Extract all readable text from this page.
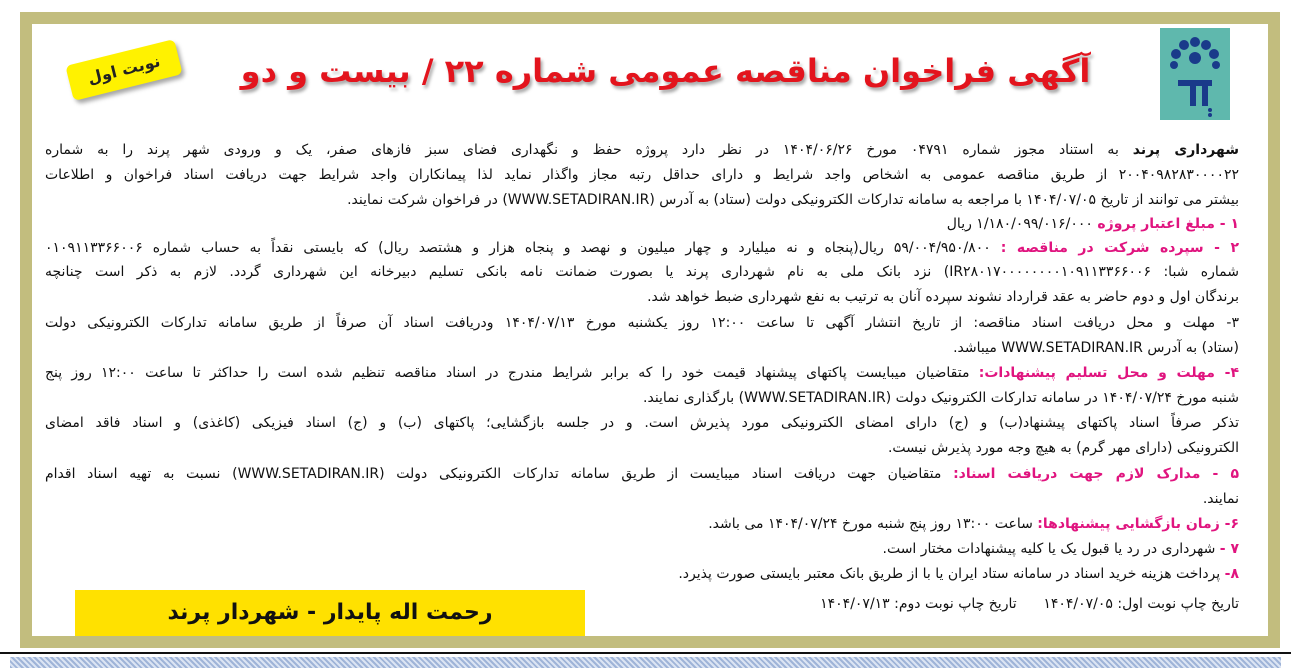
آگهی فراخوان مناقصه عمومی شماره ۲۲ / بیست و دو
نوبت اول
شهرداری پرند به استناد مجوز شماره ۰۴۷۹۱ مورخ ۱۴۰۴/۰۶/۲۶ در نظر دارد پروژه حفظ و نگهداری فضای سبز فازهای صفر، یک و ورودی شهر پرند را به شماره
۲۰۰۴۰۹۸۲۸۳۰۰۰۰۲۲ از طریق مناقصه عمومی به اشخاص واجد شرایط و دارای حداقل رتبه مجاز واگذار نماید لذا پیمانکاران واجد شرایط جهت دریافت اسناد فراخوان و اطلاعات
بیشتر می توانند از تاریخ ۱۴۰۴/۰۷/۰۵ با مراجعه به سامانه تدارکات الکترونیکی دولت (ستاد) به آدرس (WWW.SETADIRAN.IR) در فراخوان شرکت نمایند.
۱ - مبلغ اعتبار پروژه ۱/۱۸۰/۰۹۹/۰۱۶/۰۰۰ ریال
۲ - سپرده شرکت در مناقصه : ۵۹/۰۰۴/۹۵۰/۸۰۰ ریال(پنجاه و نه میلیارد و چهار میلیون و نهصد و پنجاه هزار و هشتصد ریال) که بایستی نقداً به حساب شماره ۰۱۰۹۱۱۳۳۶۶۰۰۶
شماره شبا: IR۲۸۰۱۷۰۰۰۰۰۰۰۰۱۰۹۱۱۳۳۶۶۰۰۶) نزد بانک ملی به نام شهرداری پرند یا بصورت ضمانت نامه بانکی تسلیم دبیرخانه این شهرداری گردد. لازم به ذکر است چنانچه
برندگان اول و دوم حاضر به عقد قرارداد نشوند سپرده آنان به ترتیب به نفع شهرداری ضبط خواهد شد.
۳- مهلت و محل دریافت اسناد مناقصه: از تاریخ انتشار آگهی تا ساعت ۱۲:۰۰ روز یکشنبه مورخ ۱۴۰۴/۰۷/۱۳ ودریافت اسناد آن صرفاً از طریق سامانه تدارکات الکترونیکی دولت
(ستاد) به آدرس WWW.SETADIRAN.IR میباشد.
۴- مهلت و محل تسلیم پیشنهادات: متقاضیان میبایست پاکتهای پیشنهاد قیمت خود را که برابر شرایط مندرج در اسناد مناقصه تنظیم شده است را حداکثر تا ساعت ۱۲:۰۰ روز پنج
شنبه مورخ ۱۴۰۴/۰۷/۲۴ در سامانه تدارکات الکترونیک دولت (WWW.SETADIRAN.IR) بارگذاری نمایند.
تذکر صرفاً اسناد پاکتهای پیشنهاد(ب) و (ج) دارای امضای الکترونیکی مورد پذیرش است. و در جلسه بازگشایی؛ پاکتهای (ب) و (ج) اسناد فیزیکی (کاغذی) و اسناد فاقد امضای
الکترونیکی (دارای مهر گرم) به هیچ وجه مورد پذیرش نیست.
۵ - مدارک لازم جهت دریافت اسناد: متقاضیان جهت دریافت اسناد میبایست از طریق سامانه تدارکات الکترونیکی دولت (WWW.SETADIRAN.IR) نسبت به تهیه اسناد اقدام
نمایند.
۶- زمان بازگشایی پیشنهادها: ساعت ۱۳:۰۰ روز پنج شنبه مورخ ۱۴۰۴/۰۷/۲۴ می باشد.
۷ - شهرداری در رد یا قبول یک یا کلیه پیشنهادات مختار است.
۸- پرداخت هزینه خرید اسناد در سامانه ستاد ایران یا با از طریق بانک معتبر بایستی صورت پذیرد.
تاریخ چاپ نوبت اول: ۱۴۰۴/۰۷/۰۵      تاریخ چاپ نوبت دوم: ۱۴۰۴/۰۷/۱۳
رحمت اله پایدار - شهردار پرند
